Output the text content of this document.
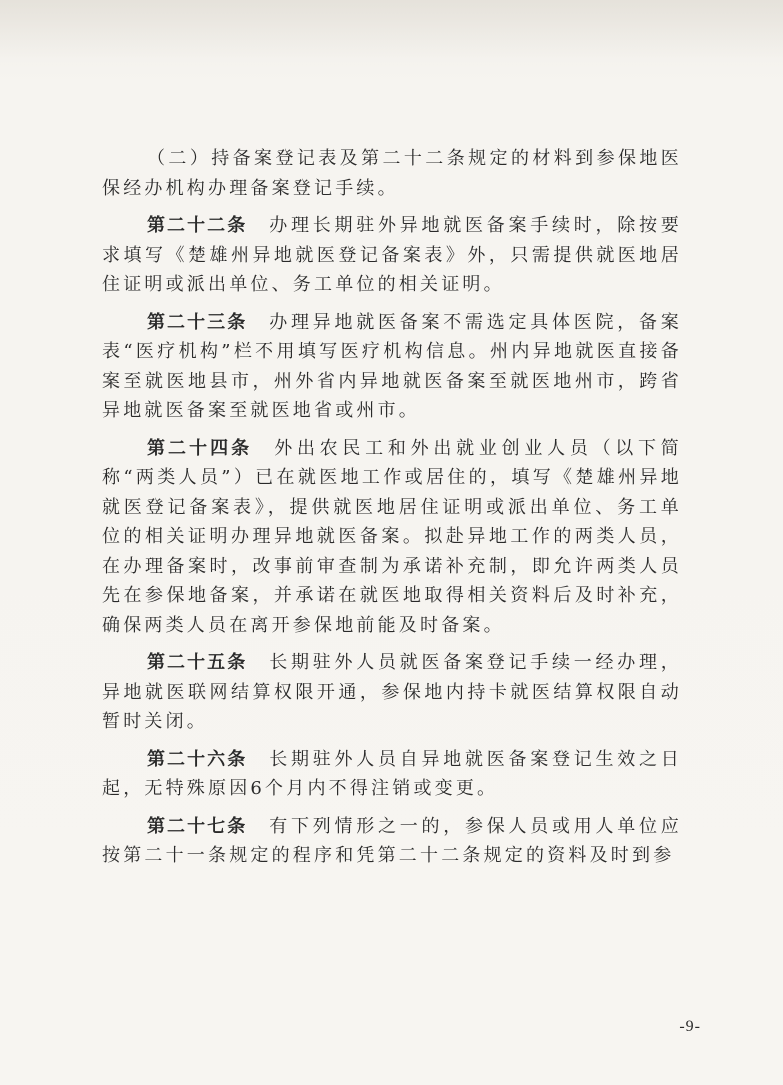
（二）持备案登记表及第二十二条规定的材料到参保地医保经办机构办理备案登记手续。

第二十二条 办理长期驻外异地就医备案手续时，除按要求填写《楚雄州异地就医登记备案表》外，只需提供就医地居住证明或派出单位、务工单位的相关证明。

第二十三条 办理异地就医备案不需选定具体医院，备案表“医疗机构”栏不用填写医疗机构信息。州内异地就医直接备案至就医地县市，州外省内异地就医备案至就医地州市，跨省异地就医备案至就医地省或州市。

第二十四条 外出农民工和外出就业创业人员（以下简称“两类人员”）已在就医地工作或居住的，填写《楚雄州异地就医登记备案表》，提供就医地居住证明或派出单位、务工单位的相关证明办理异地就医备案。拟赴异地工作的两类人员，在办理备案时，改事前审查制为承诺补充制，即允许两类人员先在参保地备案，并承诺在就医地取得相关资料后及时补充，确保两类人员在离开参保地前能及时备案。

第二十五条 长期驻外人员就医备案登记手续一经办理，异地就医联网结算权限开通，参保地内持卡就医结算权限自动暂时关闭。

第二十六条 长期驻外人员自异地就医备案登记生效之日起，无特殊原因6个月内不得注销或变更。

第二十七条 有下列情形之一的，参保人员或用人单位应按第二十一条规定的程序和凭第二十二条规定的资料及时到参

-9-
